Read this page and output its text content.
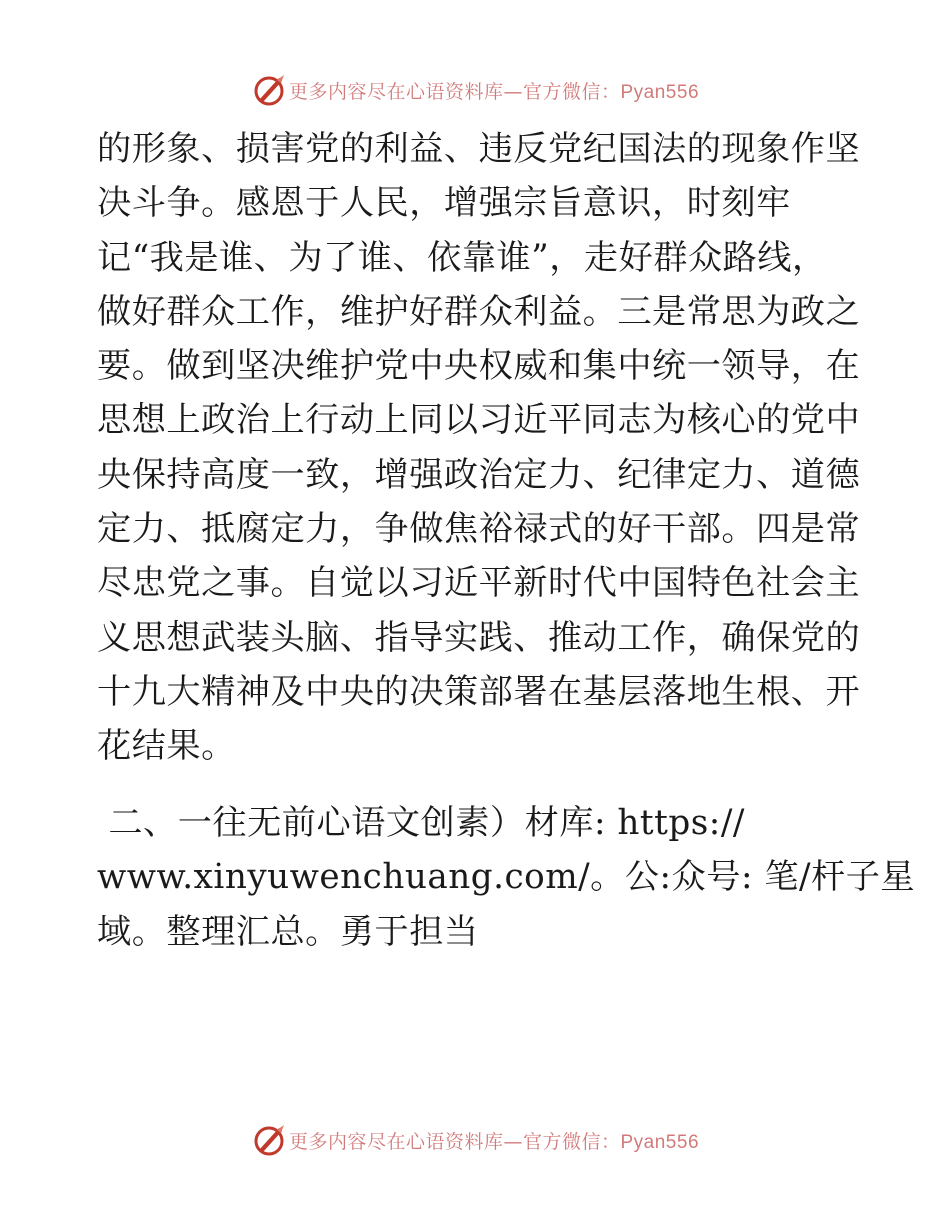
更多内容尽在心语资料库—官方微信：Pyan556
的形象、损害党的利益、违反党纪国法的现象作坚
决斗争。感恩于人民，增强宗旨意识，时刻牢
记“我是谁、为了谁、依靠谁”，走好群众路线，
做好群众工作，维护好群众利益。三是常思为政之
要。做到坚决维护党中央权威和集中统一领导，在
思想上政治上行动上同以习近平同志为核心的党中
央保持高度一致，增强政治定力、纪律定力、道德
定力、抵腐定力，争做焦裕禄式的好干部。四是常
尽忠党之事。自觉以习近平新时代中国特色社会主
义思想武装头脑、指导实践、推动工作，确保党的
十九大精神及中央的决策部署在基层落地生根、开
花结果。
二、一往无前心语文创素）材库: https://
www.xinyuwenchuang.com/。公:众号: 笔/杆子星
域。整理汇总。勇于担当
更多内容尽在心语资料库—官方微信：Pyan556
